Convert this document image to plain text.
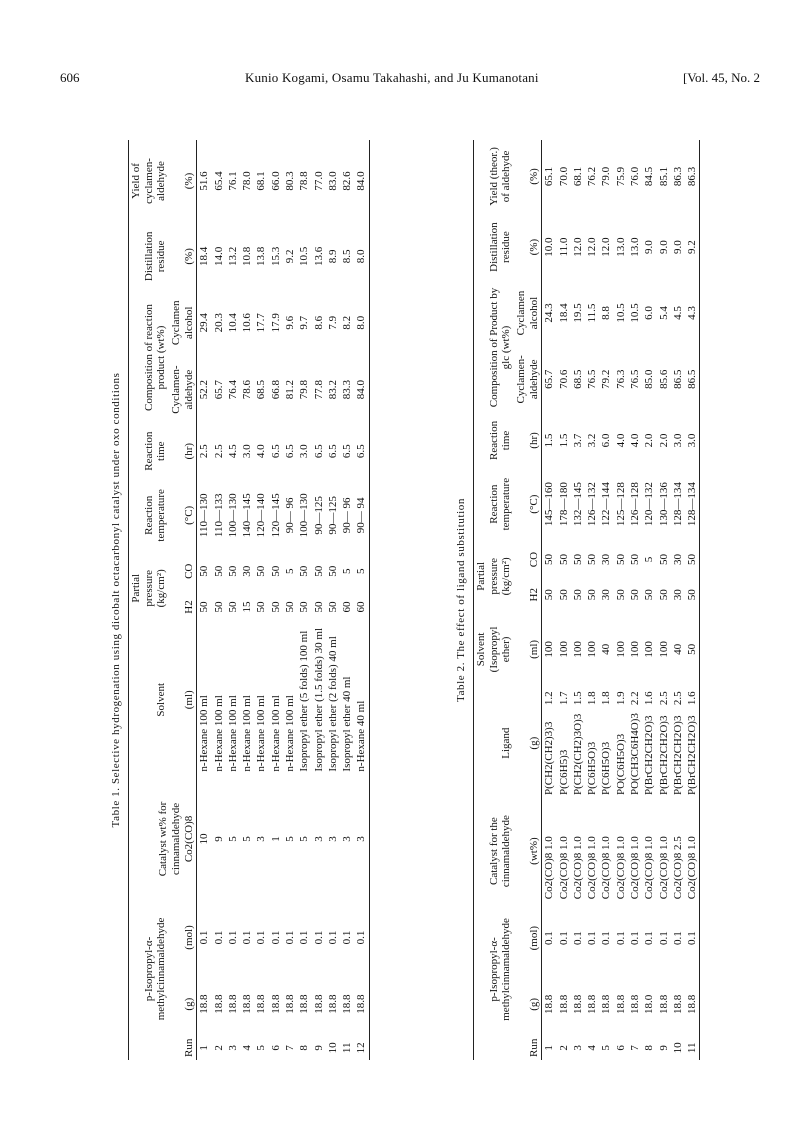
606	Kunio Kogami, Osamu Takahashi, and Ju Kumanotani	[Vol. 45, No. 2
Table 1. Selective hydrogenation using dicobalt octacarbonyl catalyst under oxo conditions
Run	p-Isopropyl-α-methylcinnamaldehyde		Catalyst wt% for cinnamaldehyde Co2(CO)8	Solvent	Partial pressure (kg/cm²)		Reaction temperature	Reaction time	Composition of reaction product (wt%)		Distillation residue	Yield of cyclamen-aldehyde
	(g)	(mol)		(ml)	H2	CO	(°C)	(hr)	Cyclamen-aldehyde	Cyclamen alcohol	(%)	(%)
1	18.8	0.1	10	n-Hexane 100 ml	50	50	110—130	2.5	52.2	29.4	18.4	51.6
2	18.8	0.1	9	n-Hexane 100 ml	50	50	110—133	2.5	65.7	20.3	14.0	65.4
3	18.8	0.1	5	n-Hexane 100 ml	50	50	100—130	4.5	76.4	10.4	13.2	76.1
4	18.8	0.1	5	n-Hexane 100 ml	15	30	140—145	3.0	78.6	10.6	10.8	78.0
5	18.8	0.1	3	n-Hexane 100 ml	50	50	120—140	4.0	68.5	17.7	13.8	68.1
6	18.8	0.1	1	n-Hexane 100 ml	50	50	120—145	6.5	66.8	17.9	15.3	66.0
7	18.8	0.1	5	n-Hexane 100 ml	50	5	90— 96	6.5	81.2	9.6	9.2	80.3
8	18.8	0.1	5	Isopropyl ether (5 folds) 100 ml	50	50	100—130	3.0	79.8	9.7	10.5	78.8
9	18.8	0.1	3	Isopropyl ether (1.5 folds) 30 ml	50	50	90—125	6.5	77.8	8.6	13.6	77.0
10	18.8	0.1	3	Isopropyl ether (2 folds) 40 ml	50	50	90—125	6.5	83.2	7.9	8.9	83.0
11	18.8	0.1	3	Isopropyl ether 40 ml	60	5	90— 96	6.5	83.3	8.2	8.5	82.6
12	18.8	0.1	3	n-Hexane 40 ml	60	5	90— 94	6.5	84.0	8.0	8.0	84.0
Table 2. The effect of ligand substitution
Run	p-Isopropyl-α-methylcinnamaldehyde		Catalyst for the cinnamaldehyde	Ligand		Solvent (Isopropyl ether)	Partial pressure (kg/cm²)		Reaction temperature	Reaction time	Composition of Product by glc (wt%)		Distillation residue	Yield (theor.) of aldehyde
	(g)	(mol)	(wt%)	(g)		(ml)	H2	CO	(°C)	(hr)	Cyclamen-aldehyde	Cyclamen alcohol	(%)	(%)
1	18.8	0.1	Co2(CO)8 1.0	P(CH2(CH2)3)3	1.2	100	50	50	145—160	1.5	65.7	24.3	10.0	65.1
2	18.8	0.1	Co2(CO)8 1.0	P(C6H5)3	1.7	100	50	50	178—180	1.5	70.6	18.4	11.0	70.0
3	18.8	0.1	Co2(CO)8 1.0	P(CH2(CH2)3O)3	1.5	100	50	50	132—145	3.7	68.5	19.5	12.0	68.1
4	18.8	0.1	Co2(CO)8 1.0	P(C6H5O)3	1.8	100	50	50	126—132	3.2	76.5	11.5	12.0	76.2
5	18.8	0.1	Co2(CO)8 1.0	P(C6H5O)3	1.8	40	30	30	122—144	6.0	79.2	8.8	12.0	79.0
6	18.8	0.1	Co2(CO)8 1.0	PO(C6H5O)3	1.9	100	50	50	125—128	4.0	76.3	10.5	13.0	75.9
7	18.8	0.1	Co2(CO)8 1.0	PO(CH3C6H4O)3	2.2	100	50	50	126—128	4.0	76.5	10.5	13.0	76.0
8	18.0	0.1	Co2(CO)8 1.0	P(BrCH2CH2O)3	1.6	100	50	5	120—132	2.0	85.0	6.0	9.0	84.5
9	18.8	0.1	Co2(CO)8 1.0	P(BrCH2CH2O)3	2.5	100	50	50	130—136	2.0	85.6	5.4	9.0	85.1
10	18.8	0.1	Co2(CO)8 2.5	P(BrCH2CH2O)3	2.5	40	30	30	128—134	3.0	86.5	4.5	9.0	86.3
11	18.8	0.1	Co2(CO)8 1.0	P(BrCH2CH2O)3	1.6	50	50	50	128—134	3.0	86.5	4.3	9.2	86.3
